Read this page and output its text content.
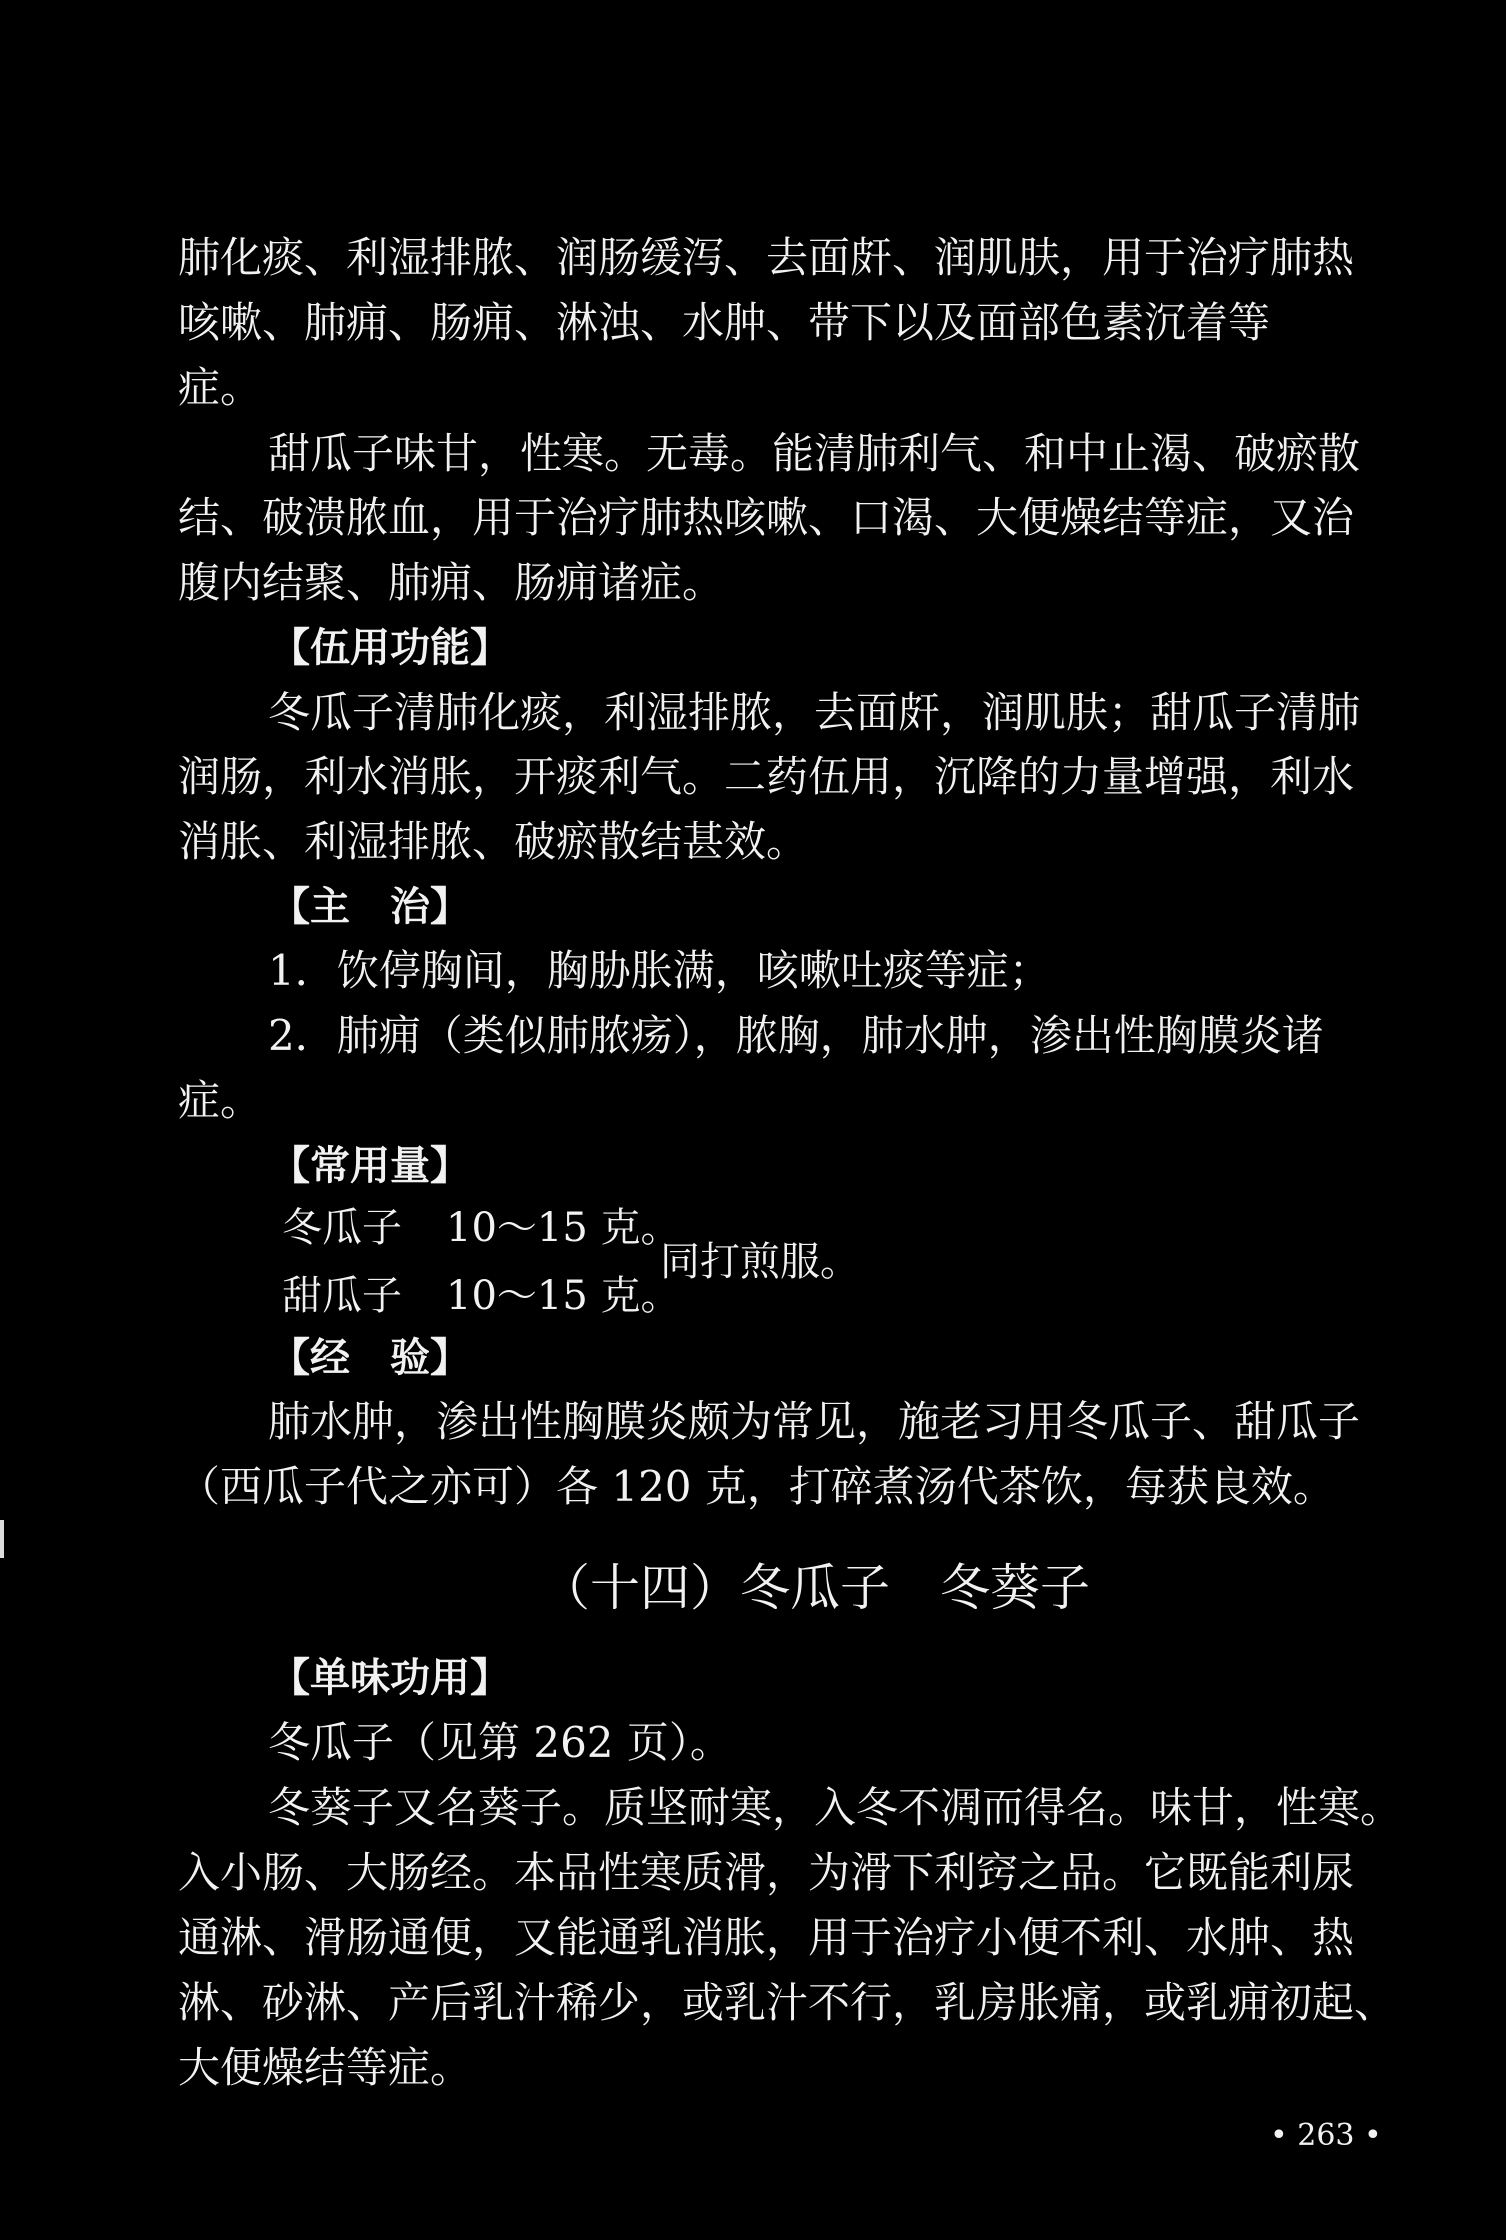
肺化痰、利湿排脓、润肠缓泻、去面皯、润肌肤，用于治疗肺热
咳嗽、肺痈、肠痈、淋浊、水肿、带下以及面部色素沉着等
症。
甜瓜子味甘，性寒。无毒。能清肺利气、和中止渴、破瘀散
结、破溃脓血，用于治疗肺热咳嗽、口渴、大便燥结等症，又治
腹内结聚、肺痈、肠痈诸症。
【伍用功能】
冬瓜子清肺化痰，利湿排脓，去面皯，润肌肤；甜瓜子清肺
润肠，利水消胀，开痰利气。二药伍用，沉降的力量增强，利水
消胀、利湿排脓、破瘀散结甚效。
【主　治】
1．饮停胸间，胸胁胀满，咳嗽吐痰等症；
2．肺痈（类似肺脓疡），脓胸，肺水肿，渗出性胸膜炎诸
症。
【常用量】
冬瓜子 10～15 克。
甜瓜子 10～15 克。
同打煎服。
【经　验】
肺水肿，渗出性胸膜炎颇为常见，施老习用冬瓜子、甜瓜子
（西瓜子代之亦可）各 120 克，打碎煮汤代茶饮，每获良效。
（十四）冬瓜子　冬葵子
【单味功用】
冬瓜子（见第 262 页）。
冬葵子又名葵子。质坚耐寒，入冬不凋而得名。味甘，性寒。
入小肠、大肠经。本品性寒质滑，为滑下利窍之品。它既能利尿
通淋、滑肠通便，又能通乳消胀，用于治疗小便不利、水肿、热
淋、砂淋、产后乳汁稀少，或乳汁不行，乳房胀痛，或乳痈初起、
大便燥结等症。
• 263 •
